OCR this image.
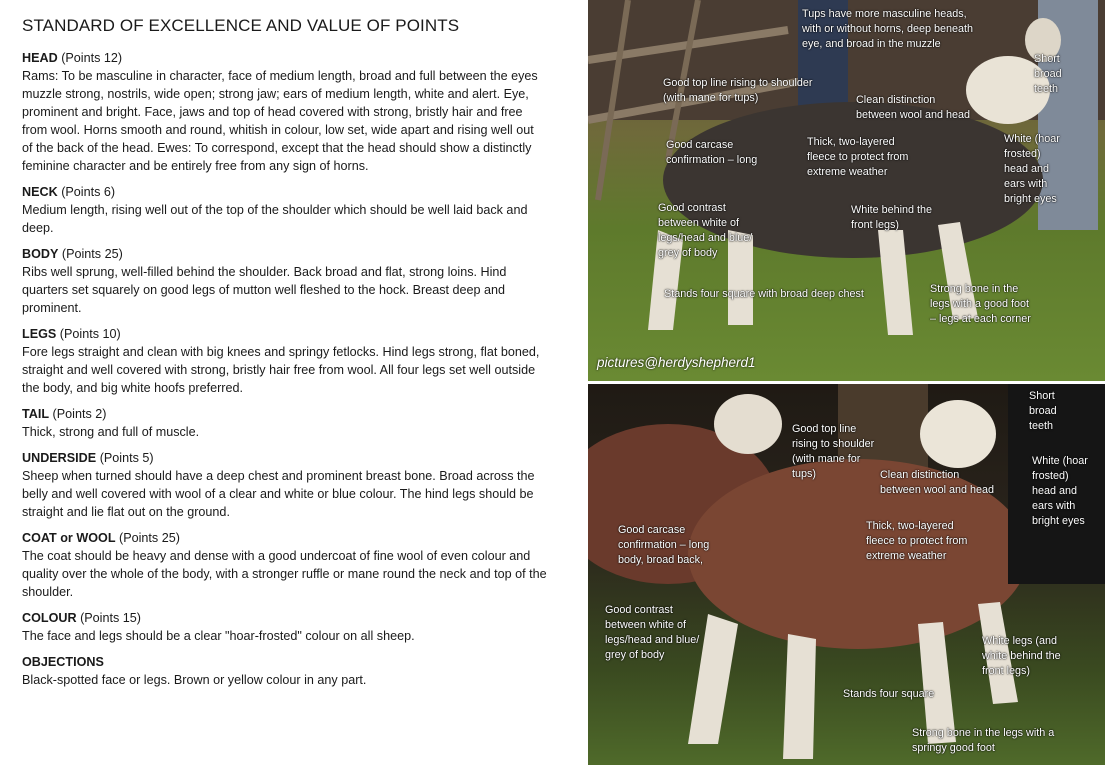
STANDARD OF EXCELLENCE AND VALUE OF POINTS
HEAD (Points 12)
Rams: To be masculine in character, face of medium length, broad and full between the eyes muzzle strong, nostrils, wide open; strong jaw; ears of medium length, white and alert. Eye, prominent and bright. Face, jaws and top of head covered with strong, bristly hair and free from wool. Horns smooth and round, whitish in colour, low set, wide apart and rising well out of the back of the head. Ewes: To correspond, except that the head should show a distinctly feminine character and be entirely free from any sign of horns.
NECK (Points 6)
Medium length, rising well out of the top of the shoulder which should be well laid back and deep.
BODY (Points 25)
Ribs well sprung, well-filled behind the shoulder. Back broad and flat, strong loins. Hind quarters set squarely on good legs of mutton well fleshed to the hock. Breast deep and prominent.
LEGS (Points 10)
Fore legs straight and clean with big knees and springy fetlocks. Hind legs strong, flat boned, straight and well covered with strong, bristly hair free from wool. All four legs set well outside the body, and big white hoofs preferred.
TAIL (Points 2)
Thick, strong and full of muscle.
UNDERSIDE (Points 5)
Sheep when turned should have a deep chest and prominent breast bone. Broad across the belly and well covered with wool of a clear and white or blue colour. The hind legs should be straight and lie flat out on the ground.
COAT or WOOL (Points 25)
The coat should be heavy and dense with a good undercoat of fine wool of even colour and quality over the whole of the body, with a stronger ruffle or mane round the neck and top of the shoulder.
COLOUR (Points 15)
The face and legs should be a clear "hoar-frosted" colour on all sheep.
OBJECTIONS
Black-spotted face or legs. Brown or yellow colour in any part.
Tups have more masculine heads,
with or without horns, deep beneath
eye, and broad in the muzzle
Short
broad
teeth
Good top line rising to shoulder
(with mane for tups)	Clean distinction
between wool and head
Good carcase
confirmation – long
Thick, two-layered
fleece to protect from
extreme weather
White (hoar
frosted)
head and
ears with
bright eyes
Good contrast
between white of
legs/head and blue/
grey of body
White behind the
front legs)
Stands four square with broad deep chest	Strong bone in the
legs with a good foot
– legs at each corner
pictures@herdyshepherd1
Short
broad
teeth
Good top line
rising to shoulder
(with mane for
tups)	Clean distinction
between wool and head
White (hoar
frosted)
head and
ears with
bright eyes
Good carcase
confirmation – long
body, broad back,
Thick, two-layered
fleece to protect from
extreme weather
Good contrast
between white of
legs/head and blue/
grey of body
White legs (and
white behind the
front legs)
Stands four square
Strong bone in the legs with a
springy good foot
